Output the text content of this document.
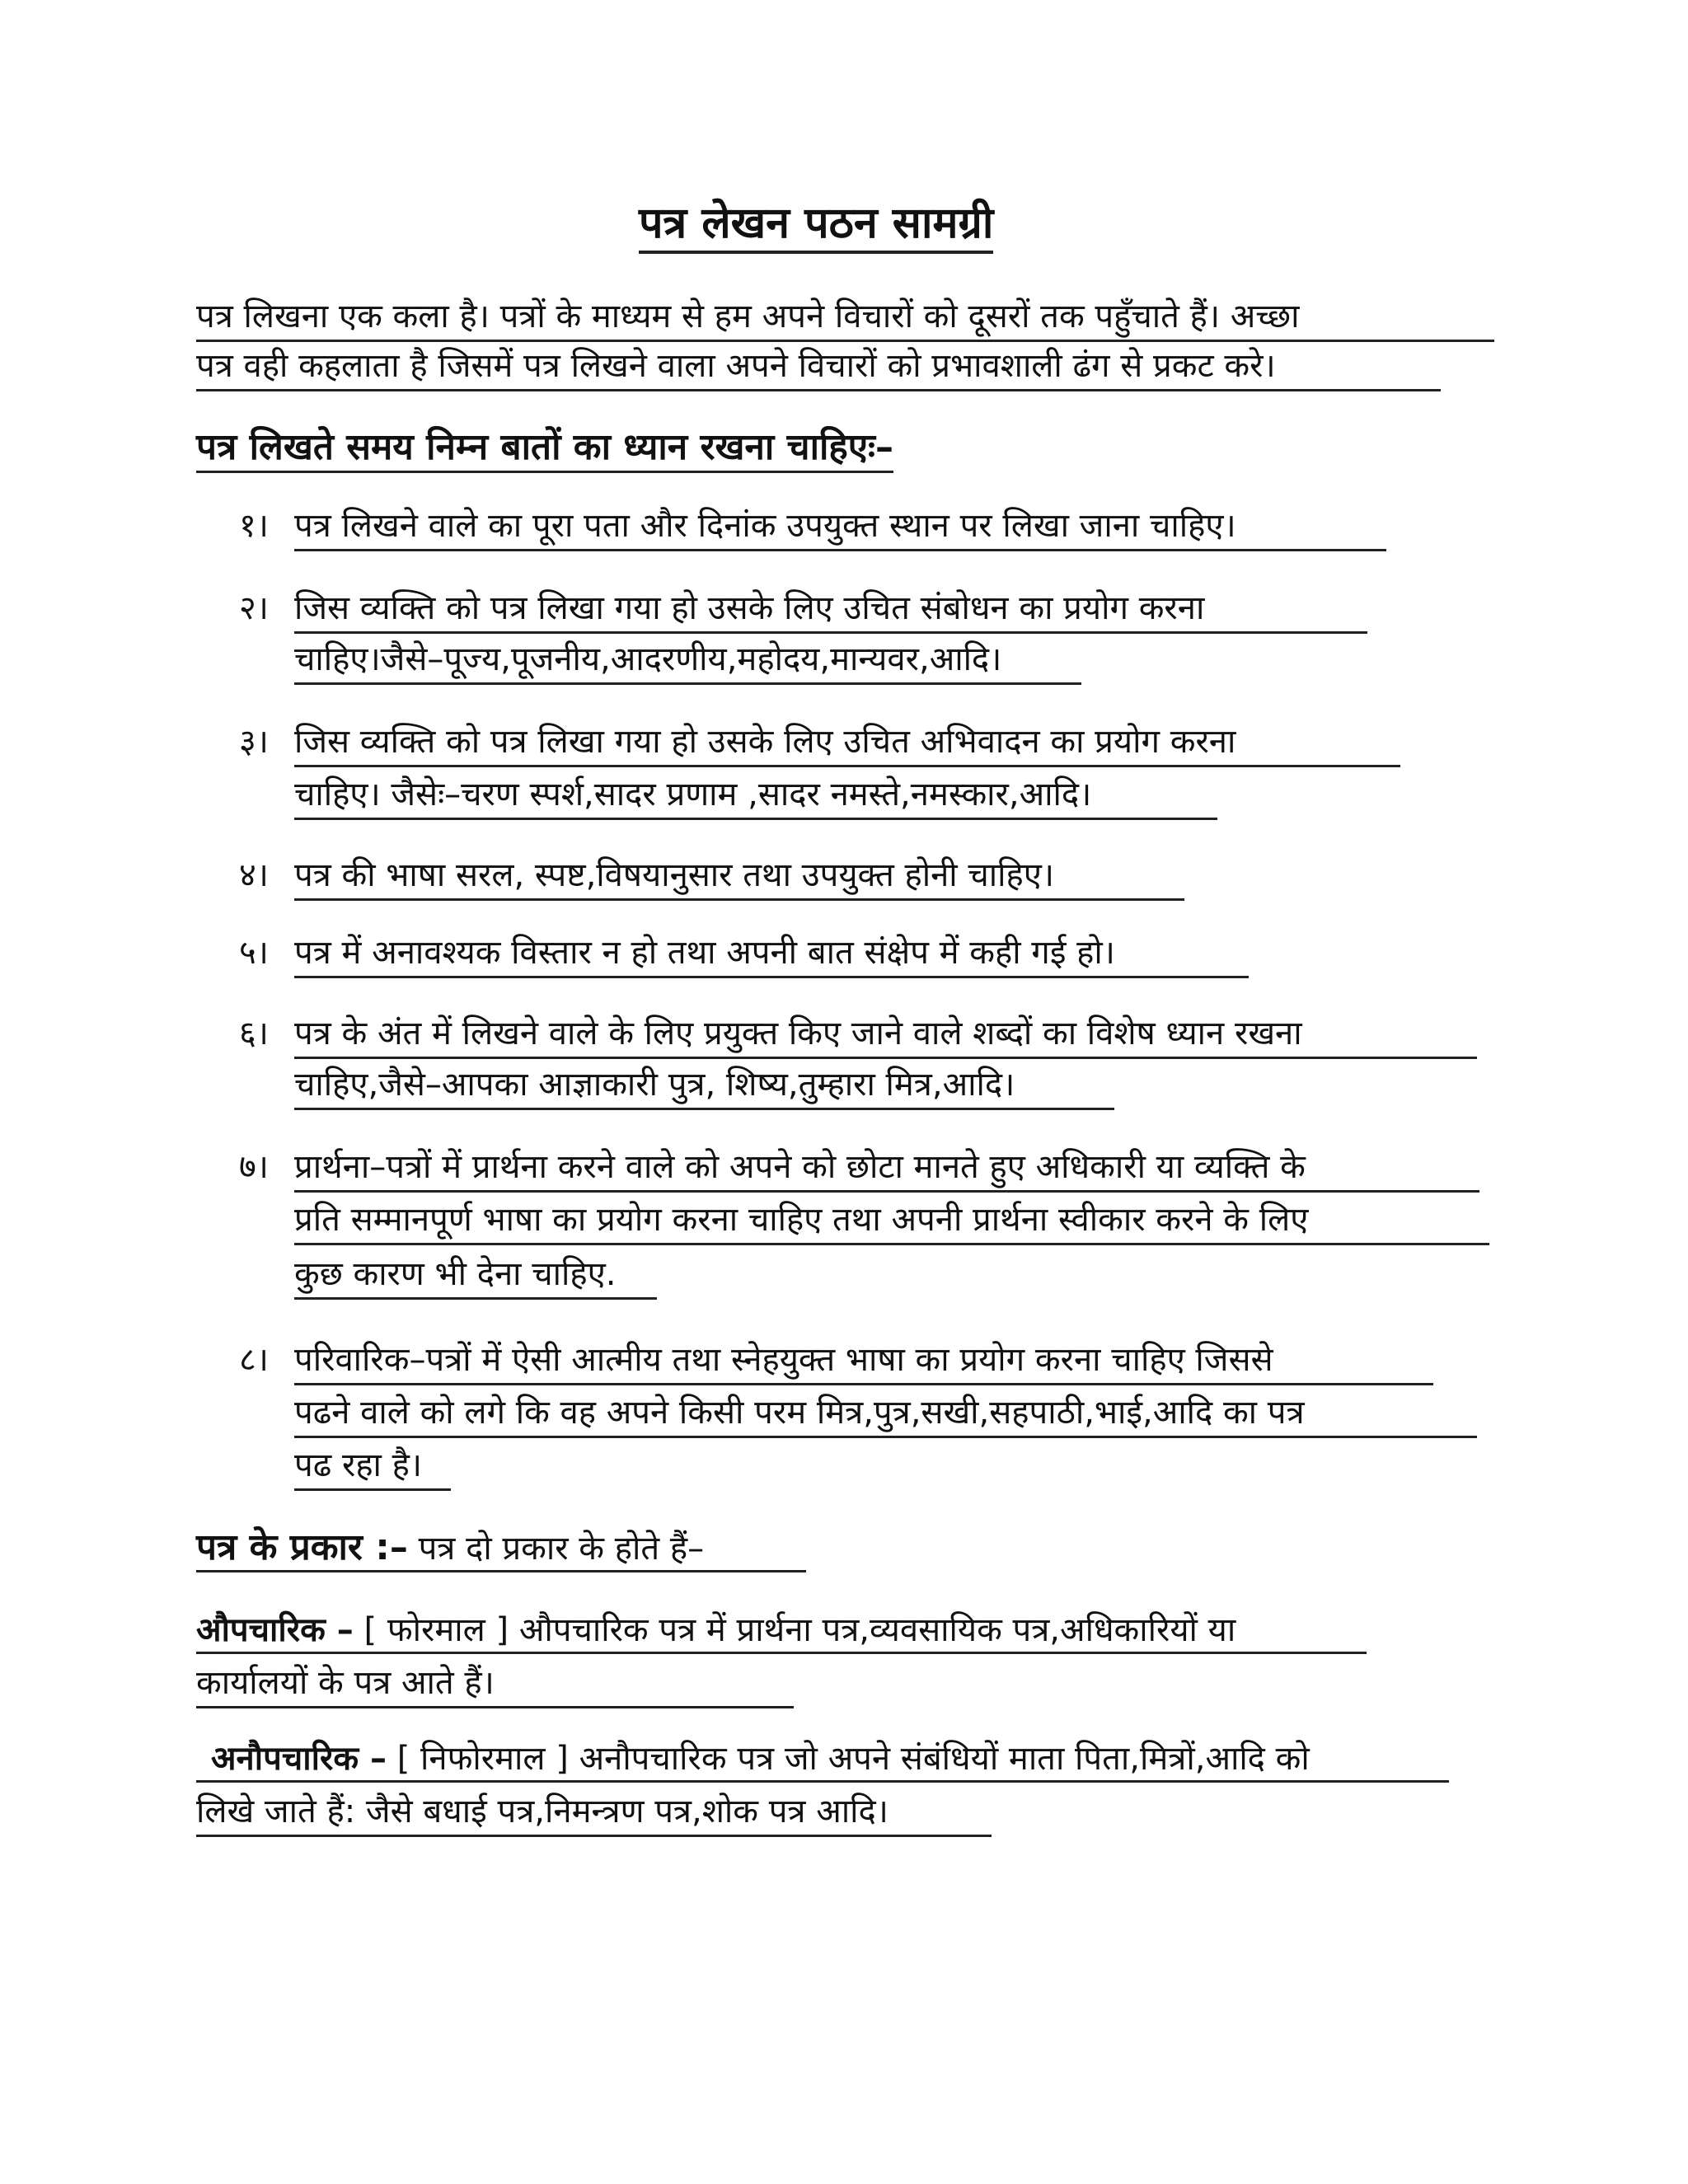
पत्र लेखन पठन सामग्री
पत्र लिखना एक कला है। पत्रों के माध्यम से हम अपने विचारों को दूसरों तक पहुँचाते हैं। अच्छा
पत्र वही कहलाता है जिसमें पत्र लिखने वाला अपने विचारों को प्रभावशाली ढंग से प्रकट करे।
पत्र लिखते समय निम्न बातों का ध्यान रखना चाहिएः–
१। पत्र लिखने वाले का पूरा पता और दिनांक उपयुक्त स्थान पर लिखा जाना चाहिए।
२। जिस व्यक्ति को पत्र लिखा गया हो उसके लिए उचित संबोधन का प्रयोग करना
चाहिए।जैसे–पूज्य,पूजनीय,आदरणीय,महोदय,मान्यवर,आदि।
३। जिस व्यक्ति को पत्र लिखा गया हो उसके लिए उचित अभिवादन का प्रयोग करना
चाहिए। जैसेः–चरण स्पर्श,सादर प्रणाम ,सादर नमस्ते,नमस्कार,आदि।
४। पत्र की भाषा सरल, स्पष्ट,विषयानुसार तथा उपयुक्त होनी चाहिए।
५। पत्र में अनावश्यक विस्तार न हो तथा अपनी बात संक्षेप में कही गई हो।
६। पत्र के अंत में लिखने वाले के लिए प्रयुक्त किए जाने वाले शब्दों का विशेष ध्यान रखना
चाहिए,जैसे–आपका आज्ञाकारी पुत्र, शिष्य,तुम्हारा मित्र,आदि।
७। प्रार्थना–पत्रों में प्रार्थना करने वाले को अपने को छोटा मानते हुए अधिकारी या व्यक्ति के
प्रति सम्मानपूर्ण भाषा का प्रयोग करना चाहिए तथा अपनी प्रार्थना स्वीकार करने के लिए
कुछ कारण भी देना चाहिए.
८। परिवारिक–पत्रों में ऐसी आत्मीय तथा स्नेहयुक्त भाषा का प्रयोग करना चाहिए जिससे
पढने वाले को लगे कि वह अपने किसी परम मित्र,पुत्र,सखी,सहपाठी,भाई,आदि का पत्र
पढ रहा है।
पत्र के प्रकार :– पत्र दो प्रकार के होते हैं–
औपचारिक – [ फोरमाल ] औपचारिक पत्र में प्रार्थना पत्र,व्यवसायिक पत्र,अधिकारियों या
कार्यालयों के पत्र आते हैं।
अनौपचारिक – [ निफोरमाल ] अनौपचारिक पत्र जो अपने संबंधियों माता पिता,मित्रों,आदि को
लिखे जाते हैं: जैसे बधाई पत्र,निमन्त्रण पत्र,शोक पत्र आदि।
